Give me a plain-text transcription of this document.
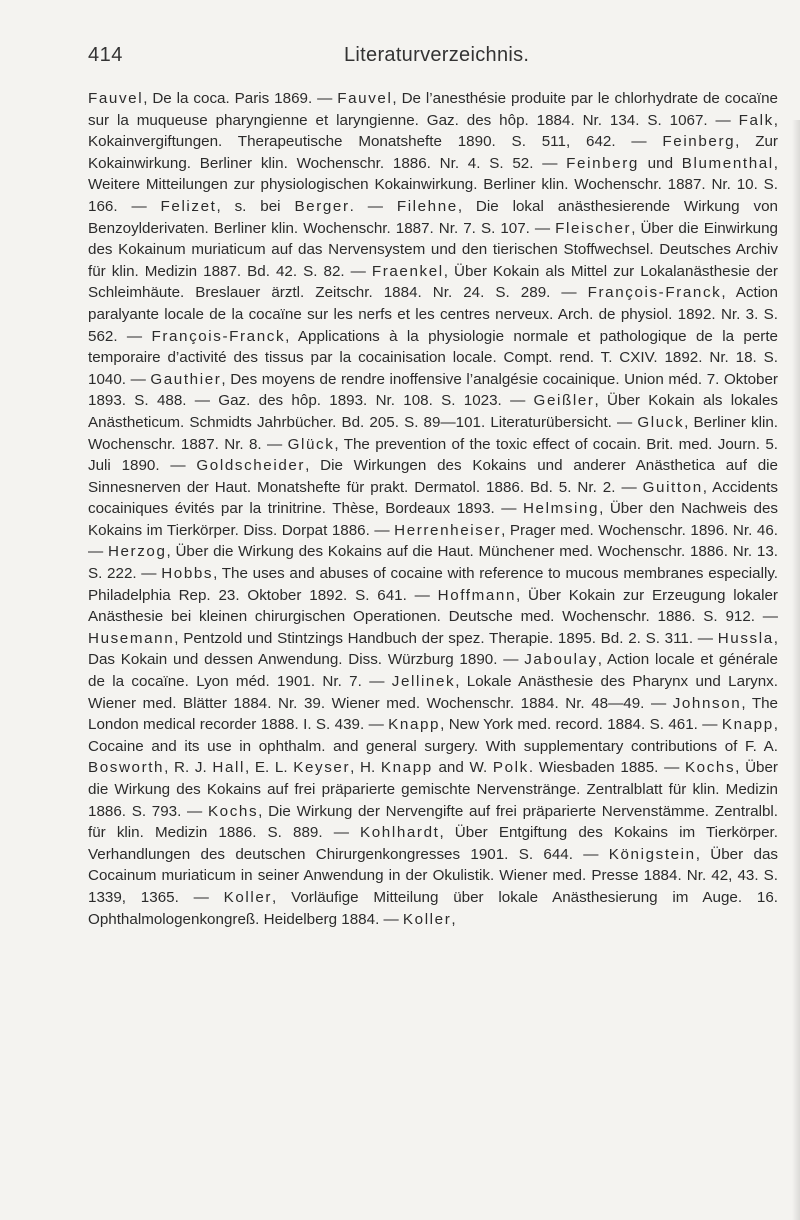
414	Literaturverzeichnis.

Fauvel, De la coca. Paris 1869. — Fauvel, De l’anesthésie produite par le chlorhydrate de cocaïne sur la muqueuse pharyngienne et laryngienne. Gaz. des hôp. 1884. Nr. 134. S. 1067. — Falk, Kokainvergiftungen. Therapeutische Monatshefte 1890. S. 511, 642. — Feinberg, Zur Kokainwirkung. Berliner klin. Wochenschr. 1886. Nr. 4. S. 52. — Feinberg und Blumenthal, Weitere Mitteilungen zur physiologischen Kokainwirkung. Berliner klin. Wochenschr. 1887. Nr. 10. S. 166. — Felizet, s. bei Berger. — Filehne, Die lokal anästhesierende Wirkung von Benzoylderivaten. Berliner klin. Wochenschr. 1887. Nr. 7. S. 107. — Fleischer, Über die Einwirkung des Kokainum muriaticum auf das Nervensystem und den tierischen Stoffwechsel. Deutsches Archiv für klin. Medizin 1887. Bd. 42. S. 82. — Fraenkel, Über Kokain als Mittel zur Lokalanästhesie der Schleimhäute. Breslauer ärztl. Zeitschr. 1884. Nr. 24. S. 289. — François-Franck, Action paralyante locale de la cocaïne sur les nerfs et les centres nerveux. Arch. de physiol. 1892. Nr. 3. S. 562. — François-Franck, Applications à la physiologie normale et pathologique de la perte temporaire d’activité des tissus par la cocainisation locale. Compt. rend. T. CXIV. 1892. Nr. 18. S. 1040. — Gauthier, Des moyens de rendre inoffensive l’analgésie cocainique. Union méd. 7. Oktober 1893. S. 488. — Gaz. des hôp. 1893. Nr. 108. S. 1023. — Geißler, Über Kokain als lokales Anästheticum. Schmidts Jahrbücher. Bd. 205. S. 89—101. Literaturübersicht. — Gluck, Berliner klin. Wochenschr. 1887. Nr. 8. — Glück, The prevention of the toxic effect of cocain. Brit. med. Journ. 5. Juli 1890. — Goldscheider, Die Wirkungen des Kokains und anderer Anästhetica auf die Sinnesnerven der Haut. Monatshefte für prakt. Dermatol. 1886. Bd. 5. Nr. 2. — Guitton, Accidents cocainiques évités par la trinitrine. Thèse, Bordeaux 1893. — Helmsing, Über den Nachweis des Kokains im Tierkörper. Diss. Dorpat 1886. — Herrenheiser, Prager med. Wochenschr. 1896. Nr. 46. — Herzog, Über die Wirkung des Kokains auf die Haut. Münchener med. Wochenschr. 1886. Nr. 13. S. 222. — Hobbs, The uses and abuses of cocaine with reference to mucous membranes especially. Philadelphia Rep. 23. Oktober 1892. S. 641. — Hoffmann, Über Kokain zur Erzeugung lokaler Anästhesie bei kleinen chirurgischen Operationen. Deutsche med. Wochenschr. 1886. S. 912. — Husemann, Pentzold und Stintzings Handbuch der spez. Therapie. 1895. Bd. 2. S. 311. — Hussla, Das Kokain und dessen Anwendung. Diss. Würzburg 1890. — Jaboulay, Action locale et générale de la cocaïne. Lyon méd. 1901. Nr. 7. — Jellinek, Lokale Anästhesie des Pharynx und Larynx. Wiener med. Blätter 1884. Nr. 39. Wiener med. Wochenschr. 1884. Nr. 48—49. — Johnson, The London medical recorder 1888. I. S. 439. — Knapp, New York med. record. 1884. S. 461. — Knapp, Cocaine and its use in ophthalm. and general surgery. With supplementary contributions of F. A. Bosworth, R. J. Hall, E. L. Keyser, H. Knapp and W. Polk. Wiesbaden 1885. — Kochs, Über die Wirkung des Kokains auf frei präparierte gemischte Nervenstränge. Zentralblatt für klin. Medizin 1886. S. 793. — Kochs, Die Wirkung der Nervengifte auf frei präparierte Nervenstämme. Zentralbl. für klin. Medizin 1886. S. 889. — Kohlhardt, Über Entgiftung des Kokains im Tierkörper. Verhandlungen des deutschen Chirurgenkongresses 1901. S. 644. — Königstein, Über das Cocainum muriaticum in seiner Anwendung in der Okulistik. Wiener med. Presse 1884. Nr. 42, 43. S. 1339, 1365. — Koller, Vorläufige Mitteilung über lokale Anästhesierung im Auge. 16. Ophthalmologenkongreß. Heidelberg 1884. — Koller,
